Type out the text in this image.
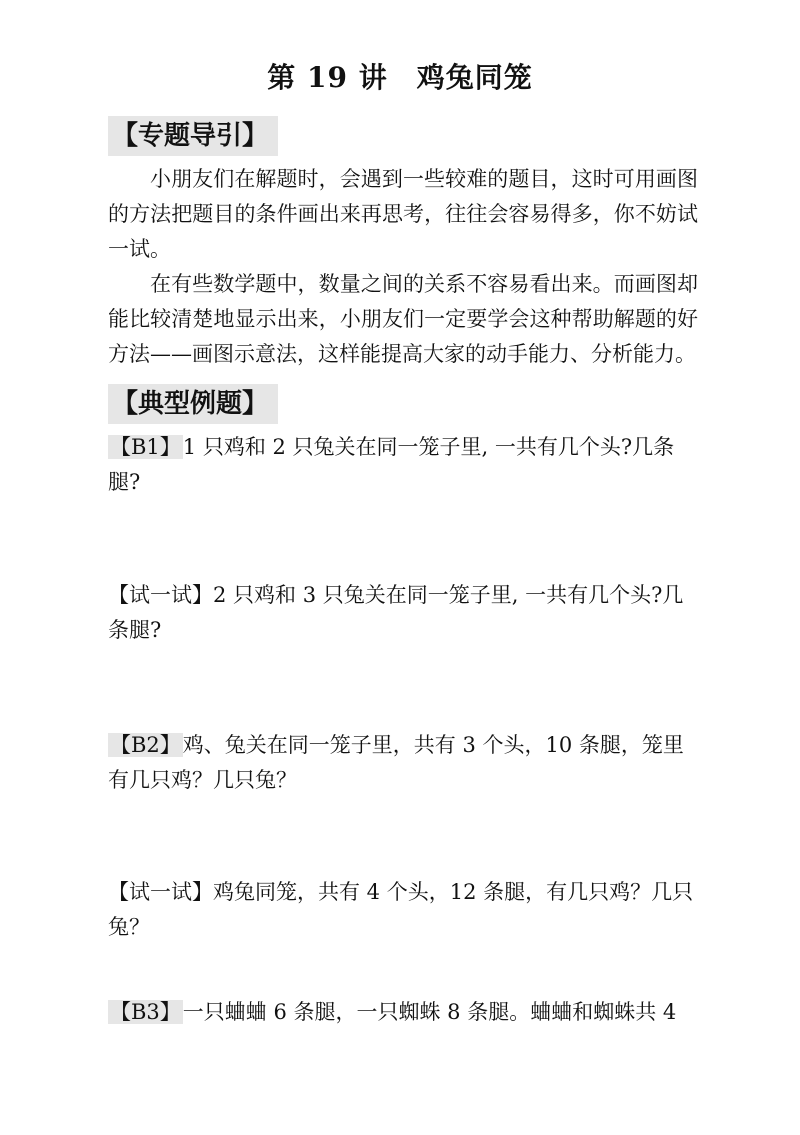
第 19 讲　鸡兔同笼
【专题导引】
小朋友们在解题时，会遇到一些较难的题目，这时可用画图的方法把题目的条件画出来再思考，往往会容易得多，你不妨试一试。
在有些数学题中，数量之间的关系不容易看出来。而画图却能比较清楚地显示出来，小朋友们一定要学会这种帮助解题的好方法——画图示意法，这样能提高大家的动手能力、分析能力。
【典型例题】
【B1】1 只鸡和 2 只兔关在同一笼子里, 一共有几个头?几条腿?
【试一试】2 只鸡和 3 只兔关在同一笼子里, 一共有几个头?几条腿?
【B2】鸡、兔关在同一笼子里，共有 3 个头，10 条腿，笼里有几只鸡？几只兔？
【试一试】鸡兔同笼，共有 4 个头，12 条腿，有几只鸡？几只兔？
【B3】一只蛐蛐 6 条腿，一只蜘蛛 8 条腿。蛐蛐和蜘蛛共 4
